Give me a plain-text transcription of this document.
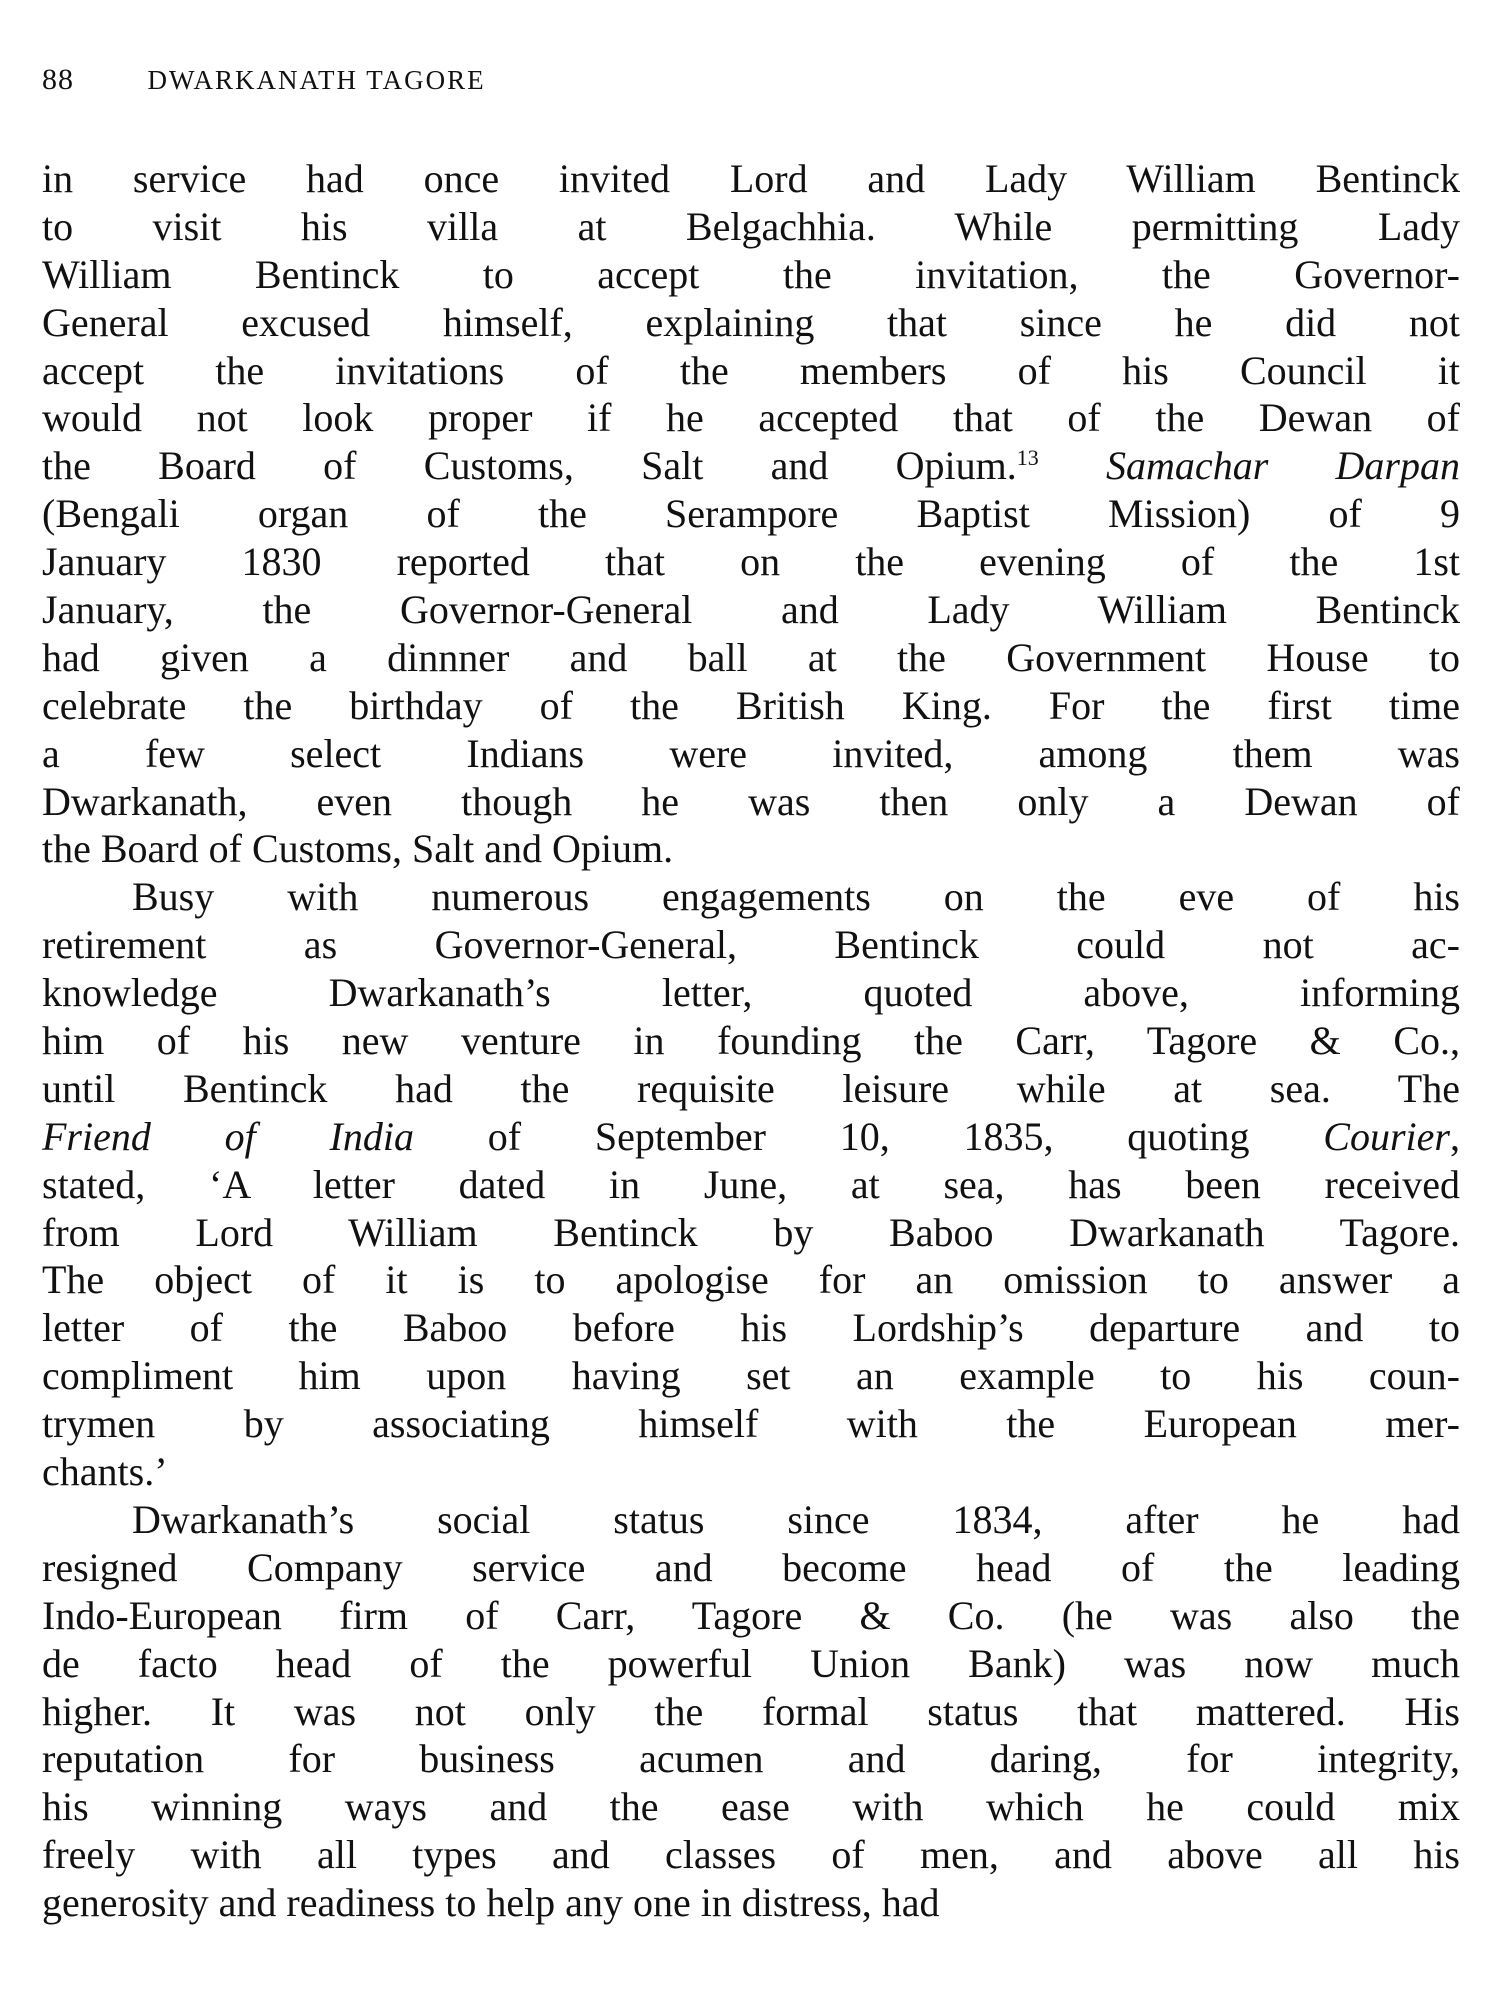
88	DWARKANATH TAGORE
in service had once invited Lord and Lady William Bentinck
to visit his villa at Belgachhia. While permitting Lady
William Bentinck to accept the invitation, the Governor-
General excused himself, explaining that since he did not
accept the invitations of the members of his Council it
would not look proper if he accepted that of the Dewan of
the Board of Customs, Salt and Opium.$^{13}$ Samachar Darpan
(Bengali organ of the Serampore Baptist Mission) of 9
January 1830 reported that on the evening of the 1st
January, the Governor-General and Lady William Bentinck
had given a dinnner and ball at the Government House to
celebrate the birthday of the British King. For the first time
a few select Indians were invited, among them was
Dwarkanath, even though he was then only a Dewan of
the Board of Customs, Salt and Opium.
Busy with numerous engagements on the eve of his
retirement as Governor-General, Bentinck could not ac-
knowledge Dwarkanath’s letter, quoted above, informing
him of his new venture in founding the Carr, Tagore & Co.,
until Bentinck had the requisite leisure while at sea. The
Friend of India of September 10, 1835, quoting Courier,
stated, ‘A letter dated in June, at sea, has been received
from Lord William Bentinck by Baboo Dwarkanath Tagore.
The object of it is to apologise for an omission to answer a
letter of the Baboo before his Lordship’s departure and to
compliment him upon having set an example to his coun-
trymen by associating himself with the European mer-
chants.’
Dwarkanath’s social status since 1834, after he had
resigned Company service and become head of the leading
Indo-European firm of Carr, Tagore & Co. (he was also the
de facto head of the powerful Union Bank) was now much
higher. It was not only the formal status that mattered. His
reputation for business acumen and daring, for integrity,
his winning ways and the ease with which he could mix
freely with all types and classes of men, and above all his
generosity and readiness to help any one in distress, had
